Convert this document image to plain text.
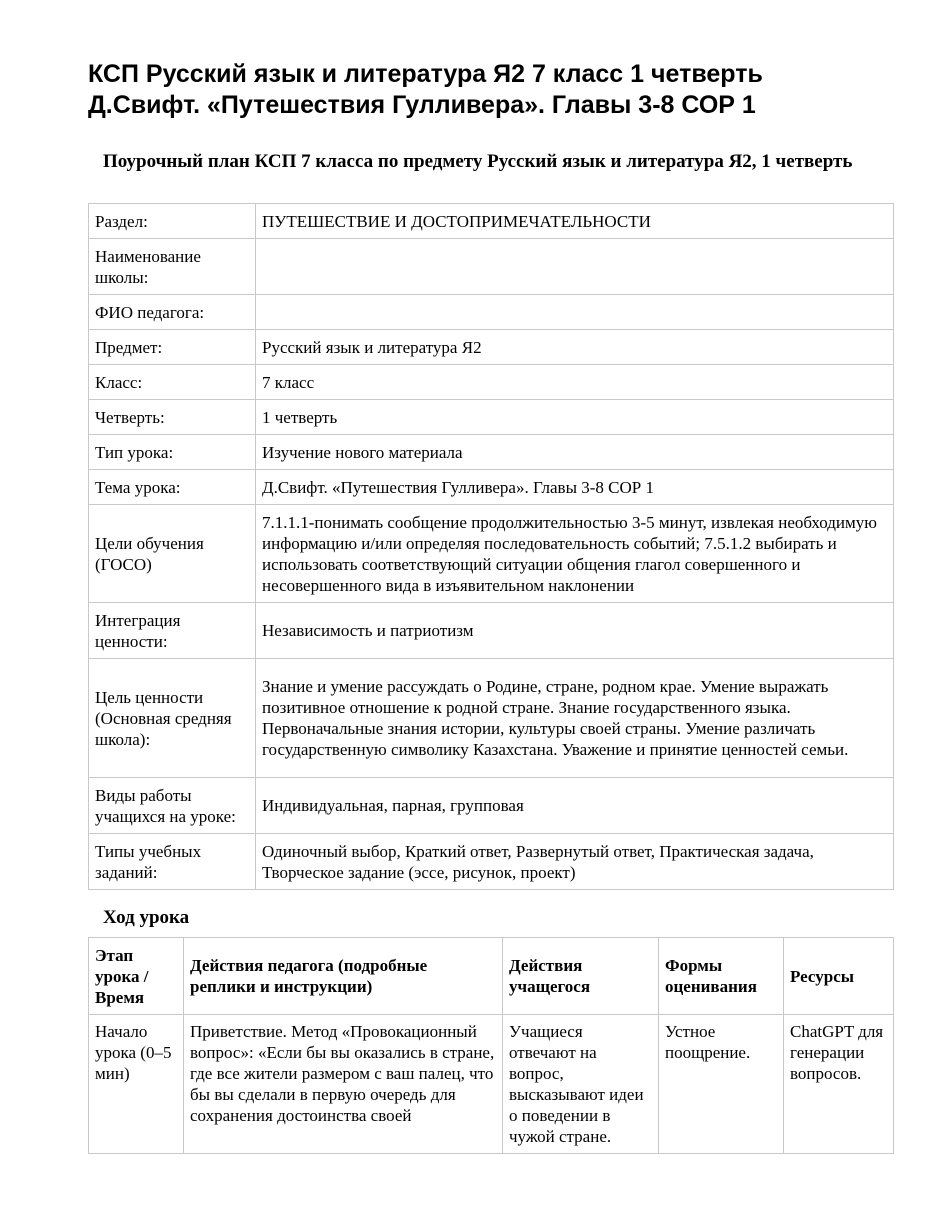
КСП Русский язык и литература Я2 7 класс 1 четверть
Д.Свифт. «Путешествия Гулливера». Главы 3-8 СОР 1
Поурочный план КСП 7 класса по предмету Русский язык и литература Я2, 1 четверть
Раздел:	ПУТЕШЕСТВИЕ И ДОСТОПРИМЕЧАТЕЛЬНОСТИ
Наименование школы:	
ФИО педагога:	
Предмет:	Русский язык и литература Я2
Класс:	7 класс
Четверть:	1 четверть
Тип урока:	Изучение нового материала
Тема урока:	Д.Свифт. «Путешествия Гулливера». Главы 3-8 СОР 1
Цели обучения (ГОСО)	7.1.1.1-понимать сообщение продолжительностью 3-5 минут, извлекая необходимую информацию и/или определяя последовательность событий; 7.5.1.2 выбирать и использовать соответствующий ситуации общения глагол совершенного и несовершенного вида в изъявительном наклонении
Интеграция ценности:	Независимость и патриотизм
Цель ценности (Основная средняя школа):	Знание и умение рассуждать о Родине, стране, родном крае. Умение выражать позитивное отношение к родной стране. Знание государственного языка. Первоначальные знания истории, культуры своей страны. Умение различать государственную символику Казахстана. Уважение и принятие ценностей семьи.
Виды работы учащихся на уроке:	Индивидуальная, парная, групповая
Типы учебных заданий:	Одиночный выбор, Краткий ответ, Развернутый ответ, Практическая задача, Творческое задание (эссе, рисунок, проект)
Ход урока
Этап урока / Время	Действия педагога (подробные реплики и инструкции)	Действия учащегося	Формы оценивания	Ресурсы
Начало урока (0–5 мин)	Приветствие. Метод «Провокационный вопрос»: «Если бы вы оказались в стране, где все жители размером с ваш палец, что бы вы сделали в первую очередь для сохранения достоинства своей	Учащиеся отвечают на вопрос, высказывают идеи о поведении в чужой стране.	Устное поощрение.	ChatGPT для генерации вопросов.
